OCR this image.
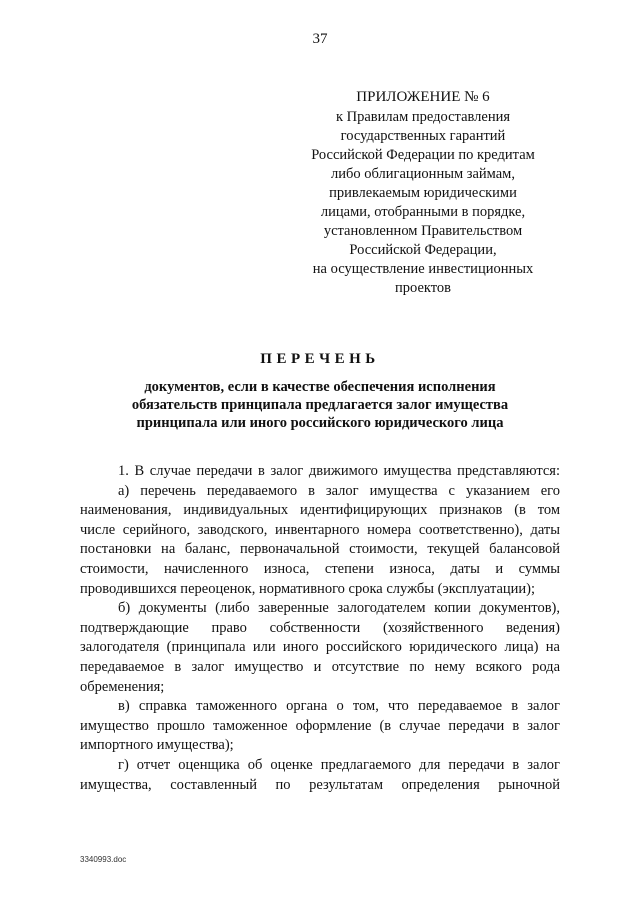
37
ПРИЛОЖЕНИЕ № 6
к Правилам предоставления
государственных гарантий
Российской Федерации по кредитам
либо облигационным займам,
привлекаемым юридическими
лицами, отобранными в порядке,
установленном Правительством
Российской Федерации,
на осуществление инвестиционных
проектов
ПЕРЕЧЕНЬ
документов, если в качестве обеспечения исполнения
обязательств принципала предлагается залог имущества
принципала или иного российского юридического лица
1. В случае передачи в залог движимого имущества представляются:
а) перечень передаваемого в залог имущества с указанием его
наименования, индивидуальных идентифицирующих признаков (в том
числе серийного, заводского, инвентарного номера соответственно), даты
постановки на баланс, первоначальной стоимости, текущей балансовой
стоимости, начисленного износа, степени износа, даты и суммы
проводившихся переоценок, нормативного срока службы (эксплуатации);
б) документы (либо заверенные залогодателем копии документов),
подтверждающие право собственности (хозяйственного ведения)
залогодателя (принципала или иного российского юридического лица) на
передаваемое в залог имущество и отсутствие по нему всякого рода
обременения;
в) справка таможенного органа о том, что передаваемое в залог
имущество прошло таможенное оформление (в случае передачи в залог
импортного имущества);
г) отчет оценщика об оценке предлагаемого для передачи в залог
имущества, составленный по результатам определения рыночной
3340993.doc
